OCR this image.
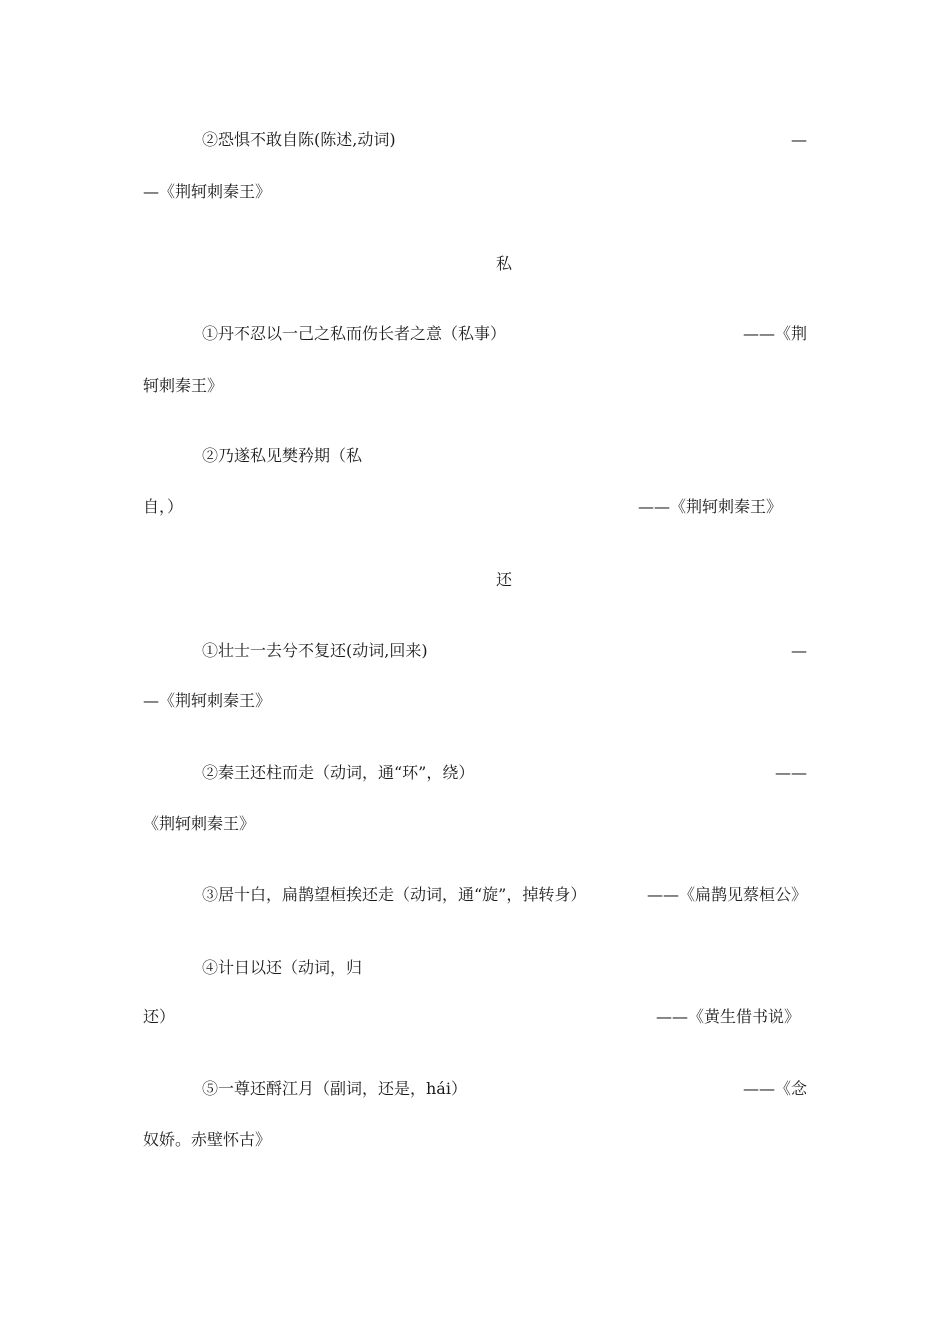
②恐惧不敢自陈(陈述,动词)	—
—《荆轲刺秦王》
私
①丹不忍以一己之私而伤长者之意（私事）	——《荆
轲刺秦王》
②乃遂私见樊矜期（私
自，）	——《荆轲刺秦王》
还
①壮士一去兮不复还(动词,回来)	—
—《荆轲刺秦王》
②秦王还柱而走（动词，通“环”，绕）	——
《荆轲刺秦王》
③居十白，扁鹊望桓挨还走（动词，通“旋”，掉转身）	——《扁鹊见蔡桓公》
④计日以还（动词，归
还）	——《黄生借书说》
⑤一尊还酹江月（副词，还是，hái）	——《念
奴娇。赤壁怀古》
